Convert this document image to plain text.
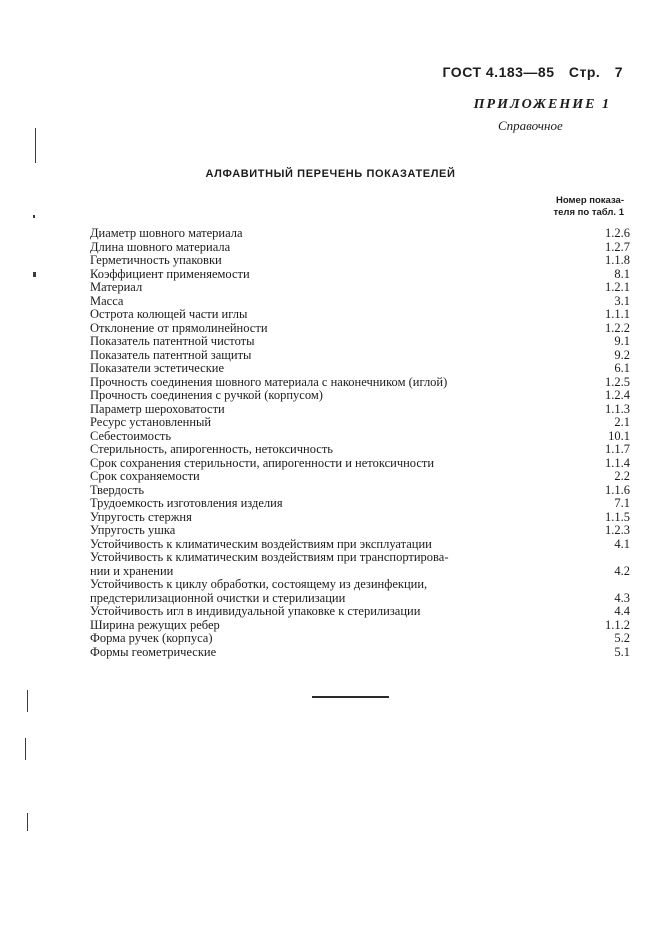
ГОСТ 4.183—85 Стр. 7
ПРИЛОЖЕНИЕ 1
Справочное
АЛФАВИТНЫЙ ПЕРЕЧЕНЬ ПОКАЗАТЕЛЕЙ
Номер показа-
теля по табл. 1
Диаметр шовного материала	1.2.6
Длина шовного материала	1.2.7
Герметичность упаковки	1.1.8
Коэффициент применяемости	8.1
Материал	1.2.1
Масса	3.1
Острота колющей части иглы	1.1.1
Отклонение от прямолинейности	1.2.2
Показатель патентной чистоты	9.1
Показатель патентной защиты	9.2
Показатели эстетические	6.1
Прочность соединения шовного материала с наконечником (иглой)	1.2.5
Прочность соединения с ручкой (корпусом)	1.2.4
Параметр шероховатости	1.1.3
Ресурс установленный	2.1
Себестоимость	10.1
Стерильность, апирогенность, нетоксичность	1.1.7
Срок сохранения стерильности, апирогенности и нетоксичности	1.1.4
Срок сохраняемости	2.2
Твердость	1.1.6
Трудоемкость изготовления изделия	7.1
Упругость стержня	1.1.5
Упругость ушка	1.2.3
Устойчивость к климатическим воздействиям при эксплуатации	4.1
Устойчивость к климатическим воздействиям при транспортирова-
нии и хранении	4.2
Устойчивость к циклу обработки, состоящему из дезинфекции,
предстерилизационной очистки и стерилизации	4.3
Устойчивость игл в индивидуальной упаковке к стерилизации	4.4
Ширина режущих ребер	1.1.2
Форма ручек (корпуса)	5.2
Формы геометрические	5.1
